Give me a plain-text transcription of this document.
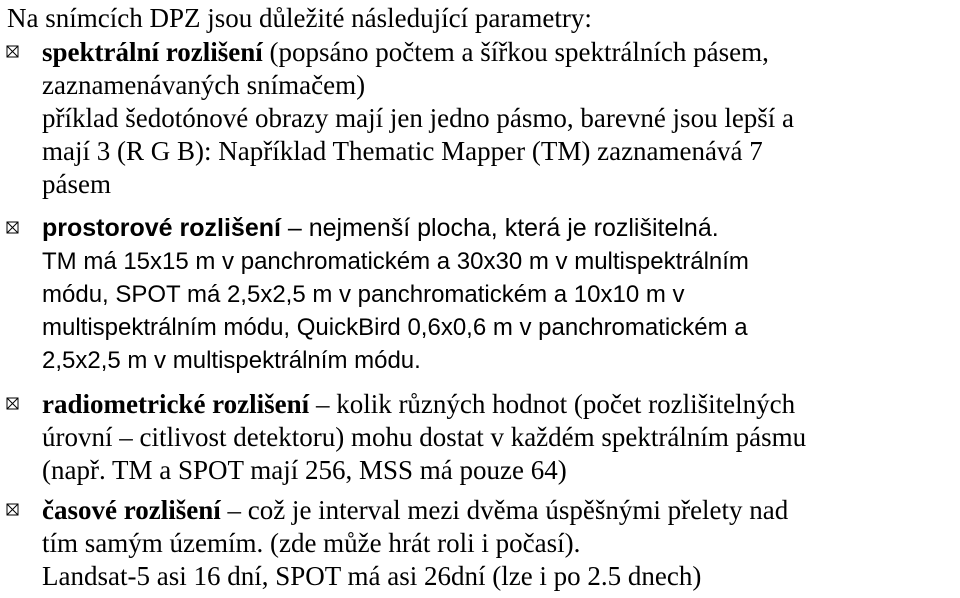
Na snímcích DPZ jsou důležité následující parametry:
spektrální rozlišení (popsáno počtem a šířkou spektrálních pásem,
zaznamenávaných snímačem)
příklad šedotónové obrazy mají jen jedno pásmo, barevné jsou lepší a
mají 3 (R G B): Například Thematic Mapper (TM) zaznamenává 7
pásem
prostorové rozlišení – nejmenší plocha, která je rozlišitelná.
TM má 15x15 m v panchromatickém a 30x30 m v multispektrálním
módu, SPOT má 2,5x2,5 m v panchromatickém a 10x10 m v
multispektrálním módu, QuickBird 0,6x0,6 m v panchromatickém a
2,5x2,5 m v multispektrálním módu.
radiometrické rozlišení – kolik různých hodnot (počet rozlišitelných
úrovní – citlivost detektoru) mohu dostat v každém spektrálním pásmu
(např. TM a SPOT mají 256, MSS má pouze 64)
časové rozlišení – což je interval mezi dvěma úspěšnými přelety nad
tím samým územím. (zde může hrát roli i počasí).
Landsat-5 asi 16 dní, SPOT má asi 26dní (lze i po 2.5 dnech)
